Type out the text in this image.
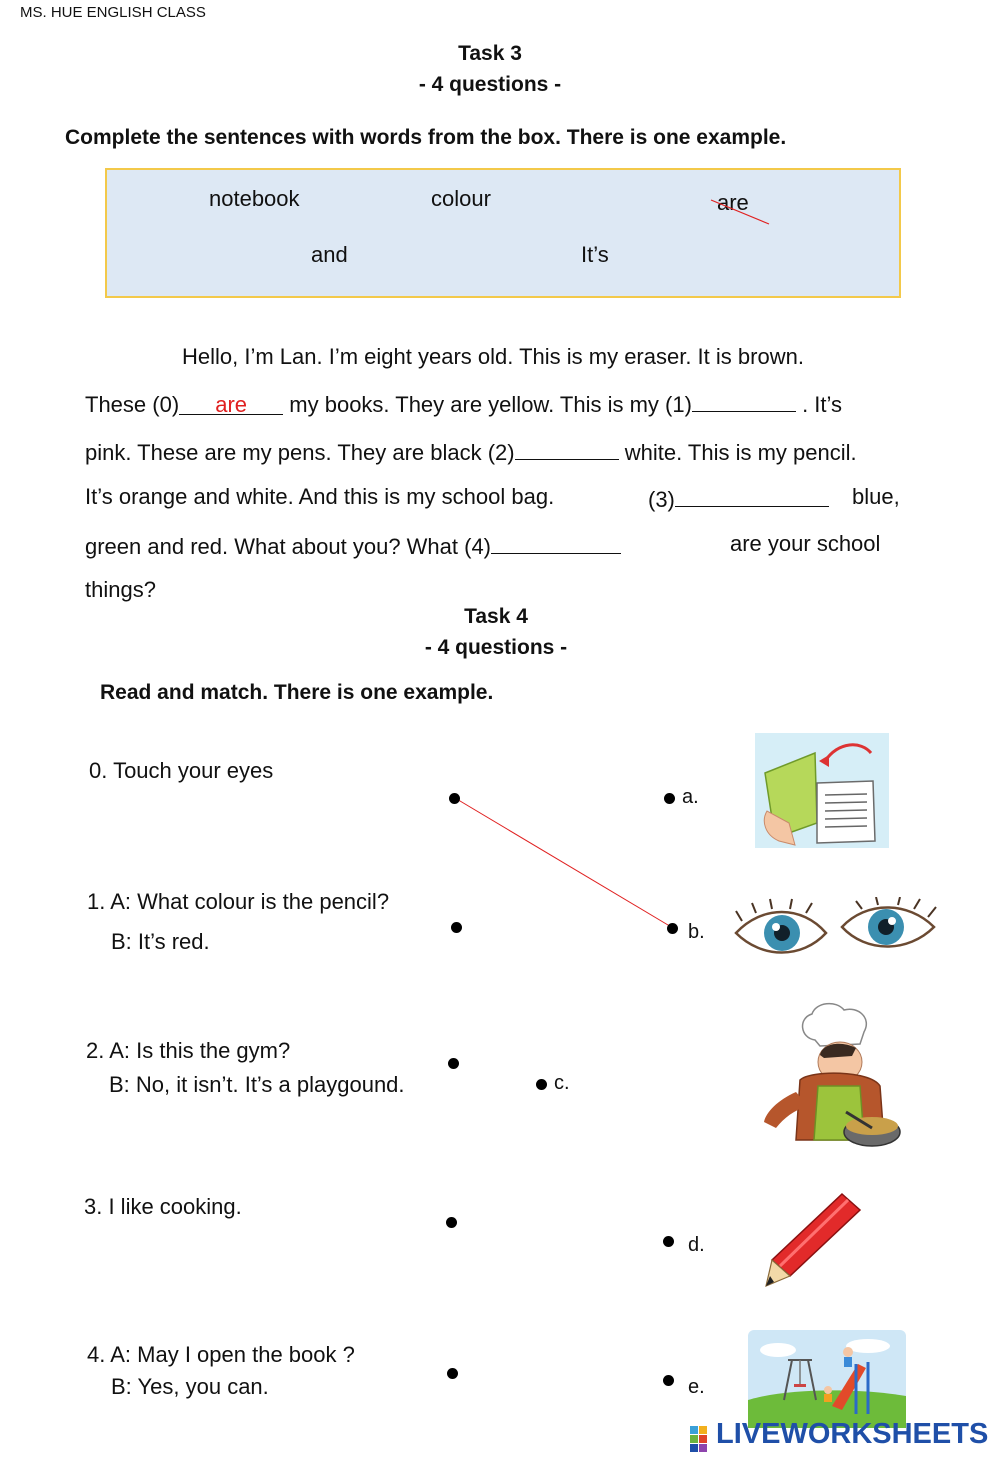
MS. HUE ENGLISH CLASS
Task 3
- 4 questions -
Complete the sentences with words from the box. There is one example.
notebook	colour	are
and	It’s
Hello, I’m Lan. I’m eight years old. This is my eraser. It is brown.
These (0) are my books. They are yellow. This is my (1)	. It’s
pink. These are my pens. They are black (2)	white. This is my pencil.
It’s orange and white. And this is my school bag.	(3)	blue,
green and red. What about you? What (4)	are your school
things?
Task 4
- 4 questions -
Read and match. There is one example.
0. Touch your eyes
1. A: What colour is the pencil?
B: It’s red.
2. A: Is this the gym?
B: No, it isn’t. It’s a playgound.
3. I like cooking.
4. A: May I open the book ?
B: Yes, you can.
a.
b.
c.
d.
e.
LIVEWORKSHEETS
